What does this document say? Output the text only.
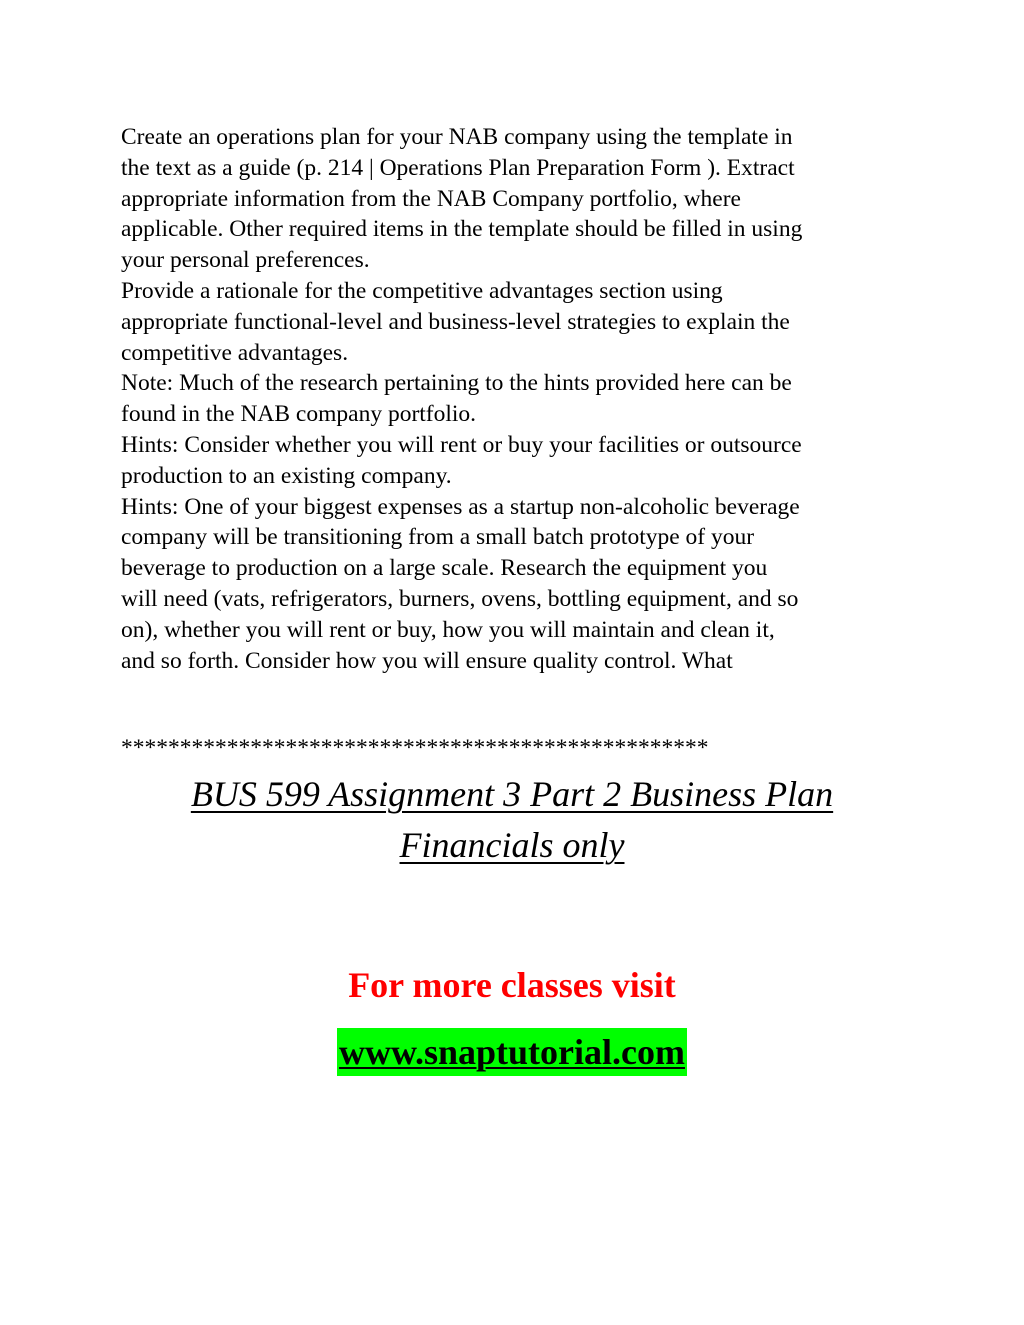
Create an operations plan for your NAB company using the template in
the text as a guide (p. 214 | Operations Plan Preparation Form ). Extract
appropriate information from the NAB Company portfolio, where
applicable. Other required items in the template should be filled in using
your personal preferences.
Provide a rationale for the competitive advantages section using
appropriate functional-level and business-level strategies to explain the
competitive advantages.
Note: Much of the research pertaining to the hints provided here can be
found in the NAB company portfolio.
Hints: Consider whether you will rent or buy your facilities or outsource
production to an existing company.
Hints: One of your biggest expenses as a startup non-alcoholic beverage
company will be transitioning from a small batch prototype of your
beverage to production on a large scale. Research the equipment you
will need (vats, refrigerators, burners, ovens, bottling equipment, and so
on), whether you will rent or buy, how you will maintain and clean it,
and so forth. Consider how you will ensure quality control. What
**************************************************
BUS 599 Assignment 3 Part 2 Business Plan
Financials only
For more classes visit
www.snaptutorial.com
